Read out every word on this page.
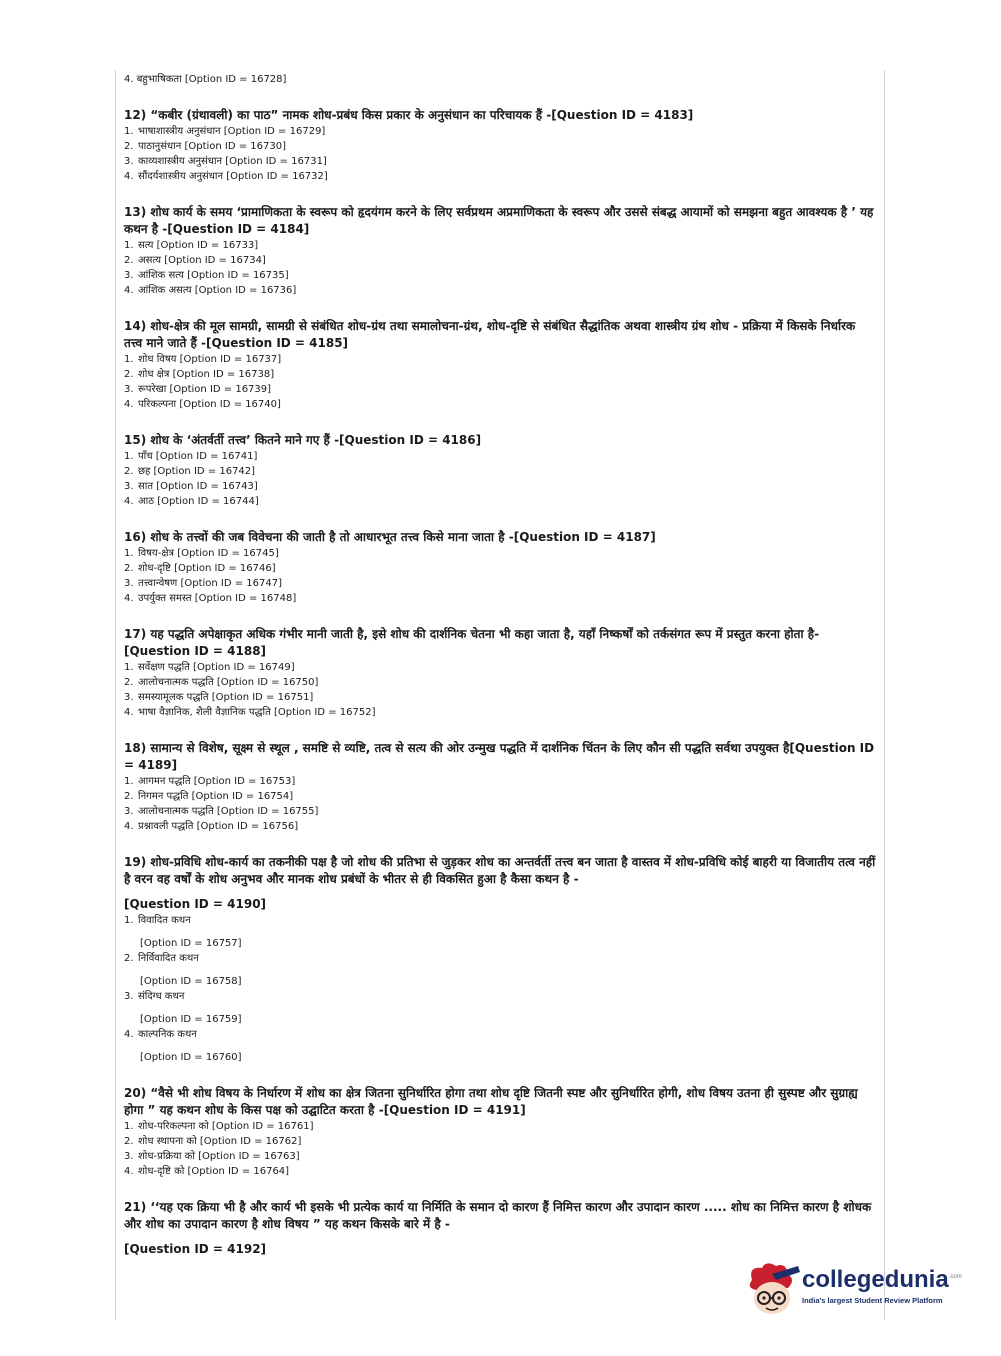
4. बहुभाषिकता [Option ID = 16728]

12) “कबीर (ग्रंथावली) का पाठ” नामक शोध-प्रबंध किस प्रकार के अनुसंधान का परिचायक हैं -[Question ID = 4183]

1. भाषाशास्त्रीय अनुसंधान [Option ID = 16729]
2. पाठानुसंधान [Option ID = 16730]
3. काव्यशास्त्रीय अनुसंधान [Option ID = 16731]
4. सौंदर्यशास्त्रीय अनुसंधान [Option ID = 16732]

13) शोध कार्य के समय ‘प्रामाणिकता के स्वरूप को हृदयंगम करने के लिए सर्वप्रथम अप्रमाणिकता के स्वरूप और उससे संबद्ध आयामों को समझना बहुत आवश्यक है ’ यह कथन है -[Question ID = 4184]

1. सत्य [Option ID = 16733]
2. असत्य [Option ID = 16734]
3. आंशिक सत्य [Option ID = 16735]
4. आंशिक असत्य [Option ID = 16736]

14) शोध-क्षेत्र की मूल सामग्री, सामग्री से संबंधित शोध-ग्रंथ तथा समालोचना-ग्रंथ, शोध-दृष्टि से संबंधित सैद्धांतिक अथवा शास्त्रीय ग्रंथ शोध - प्रक्रिया में किसके निर्धारक तत्त्व माने जाते हैं -[Question ID = 4185]

1. शोध विषय [Option ID = 16737]
2. शोध क्षेत्र [Option ID = 16738]
3. रूपरेखा [Option ID = 16739]
4. परिकल्पना [Option ID = 16740]

15) शोध के ‘अंतर्वर्ती तत्त्व’ कितने माने गए हैं -[Question ID = 4186]

1. पाँच [Option ID = 16741]
2. छह [Option ID = 16742]
3. सात [Option ID = 16743]
4. आठ [Option ID = 16744]

16) शोध के तत्त्वों की जब विवेचना की जाती है तो आधारभूत तत्त्व किसे माना जाता है -[Question ID = 4187]

1. विषय-क्षेत्र [Option ID = 16745]
2. शोध-दृष्टि [Option ID = 16746]
3. तत्त्वान्वेषण [Option ID = 16747]
4. उपर्युक्त समस्त [Option ID = 16748]

17) यह पद्धति अपेक्षाकृत अधिक गंभीर मानी जाती है, इसे शोध की दार्शनिक चेतना भी कहा जाता है, यहाँ निष्कर्षों को तर्कसंगत रूप में प्रस्तुत करना होता है-[Question ID = 4188]

1. सर्वेक्षण पद्धति [Option ID = 16749]
2. आलोचनात्मक पद्धति [Option ID = 16750]
3. समस्यामूलक पद्धति [Option ID = 16751]
4. भाषा वैज्ञानिक, शैली वैज्ञानिक पद्धति [Option ID = 16752]

18) सामान्य से विशेष, सूक्ष्म से स्थूल , समष्टि से व्यष्टि, तत्व से सत्य की ओर उन्मुख पद्धति में दार्शनिक चिंतन के लिए कौन सी पद्धति सर्वथा उपयुक्त है[Question ID = 4189]

1. आगमन पद्धति [Option ID = 16753]
2. निगमन पद्धति [Option ID = 16754]
3. आलोचनात्मक पद्धति [Option ID = 16755]
4. प्रश्नावली पद्धति [Option ID = 16756]

19) शोध-प्रविधि शोध-कार्य का तकनीकी पक्ष है जो शोध की प्रतिभा से जुड़कर शोध का अन्तर्वर्ती तत्त्व बन जाता है वास्तव में शोध-प्रविधि कोई बाहरी या विजातीय तत्व नहीं है वरन वह वर्षों के शोध अनुभव और मानक शोध प्रबंधों के भीतर से ही विकसित हुआ है कैसा कथन है -

[Question ID = 4190]

1. विवादित कथन
[Option ID = 16757]
2. निर्विवादित कथन
[Option ID = 16758]
3. संदिग्ध कथन
[Option ID = 16759]
4. काल्पनिक कथन
[Option ID = 16760]

20) “वैसे भी शोध विषय के निर्धारण में शोध का क्षेत्र जितना सुनिर्धारित होगा तथा शोध दृष्टि जितनी स्पष्ट और सुनिर्धारित होगी, शोध विषय उतना ही सुस्पष्ट और सुग्राह्य होगा ” यह कथन शोध के किस पक्ष को उद्घाटित करता है -[Question ID = 4191]

1. शोध-परिकल्पना को [Option ID = 16761]
2. शोध स्थापना को [Option ID = 16762]
3. शोध-प्रक्रिया को [Option ID = 16763]
4. शोध-दृष्टि को [Option ID = 16764]

21) ‘‘यह एक क्रिया भी है और कार्य भी इसके भी प्रत्येक कार्य या निर्मिति के समान दो कारण हैं निमित्त कारण और उपादान कारण ..... शोध का निमित्त कारण है शोधक और शोध का उपादान कारण है शोध विषय ” यह कथन किसके बारे में है -

[Question ID = 4192]

collegedunia$^{.com}$
India's largest Student Review Platform
